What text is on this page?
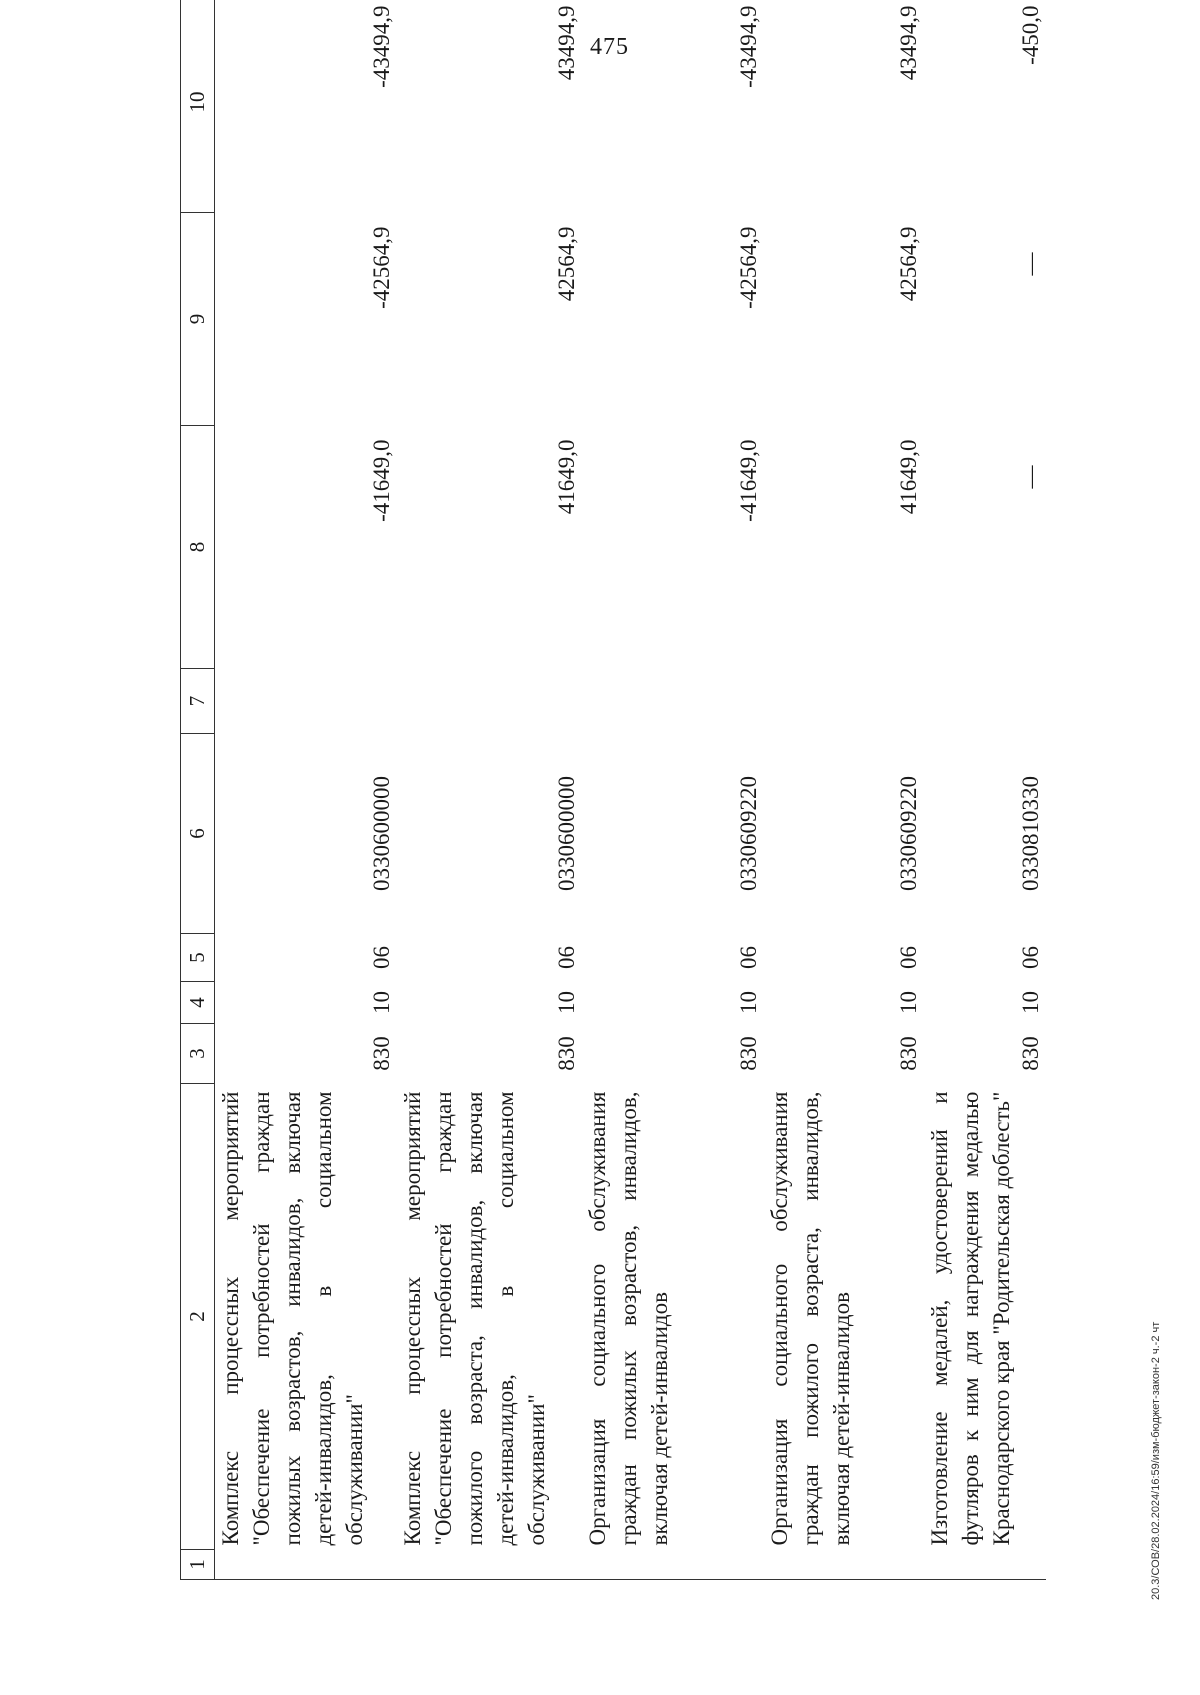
475
1	2	3	4	5	6	7	8	9	10
	Комплекс процессных мероприятий "Обеспечение потребностей граждан пожилых возрастов, инвалидов, включая детей-инвалидов, в социальном обслуживании"	830	10	06	0330600000		-41649,0	-42564,9	-43494,9
	Комплекс процессных мероприятий "Обеспечение потребностей граждан пожилого возраста, инвалидов, включая детей-инвалидов, в социальном обслуживании"	830	10	06	0330600000		41649,0	42564,9	43494,9
	Организация социального обслуживания граждан пожилых возрастов, инвалидов, включая детей-инвалидов	830	10	06	0330609220		-41649,0	-42564,9	-43494,9
	Организация социального обслуживания граждан пожилого возраста, инвалидов, включая детей-инвалидов	830	10	06	0330609220		41649,0	42564,9	43494,9
	Изготовление медалей, удостоверений и футляров к ним для награждения медалью Краснодарского края "Родительская доблесть"	830	10	06	0330810330		—	—	-450,0
20.3/СОВ/28.02.2024/16:59/изм-бюджет-закон-2 ч.-2 чт
